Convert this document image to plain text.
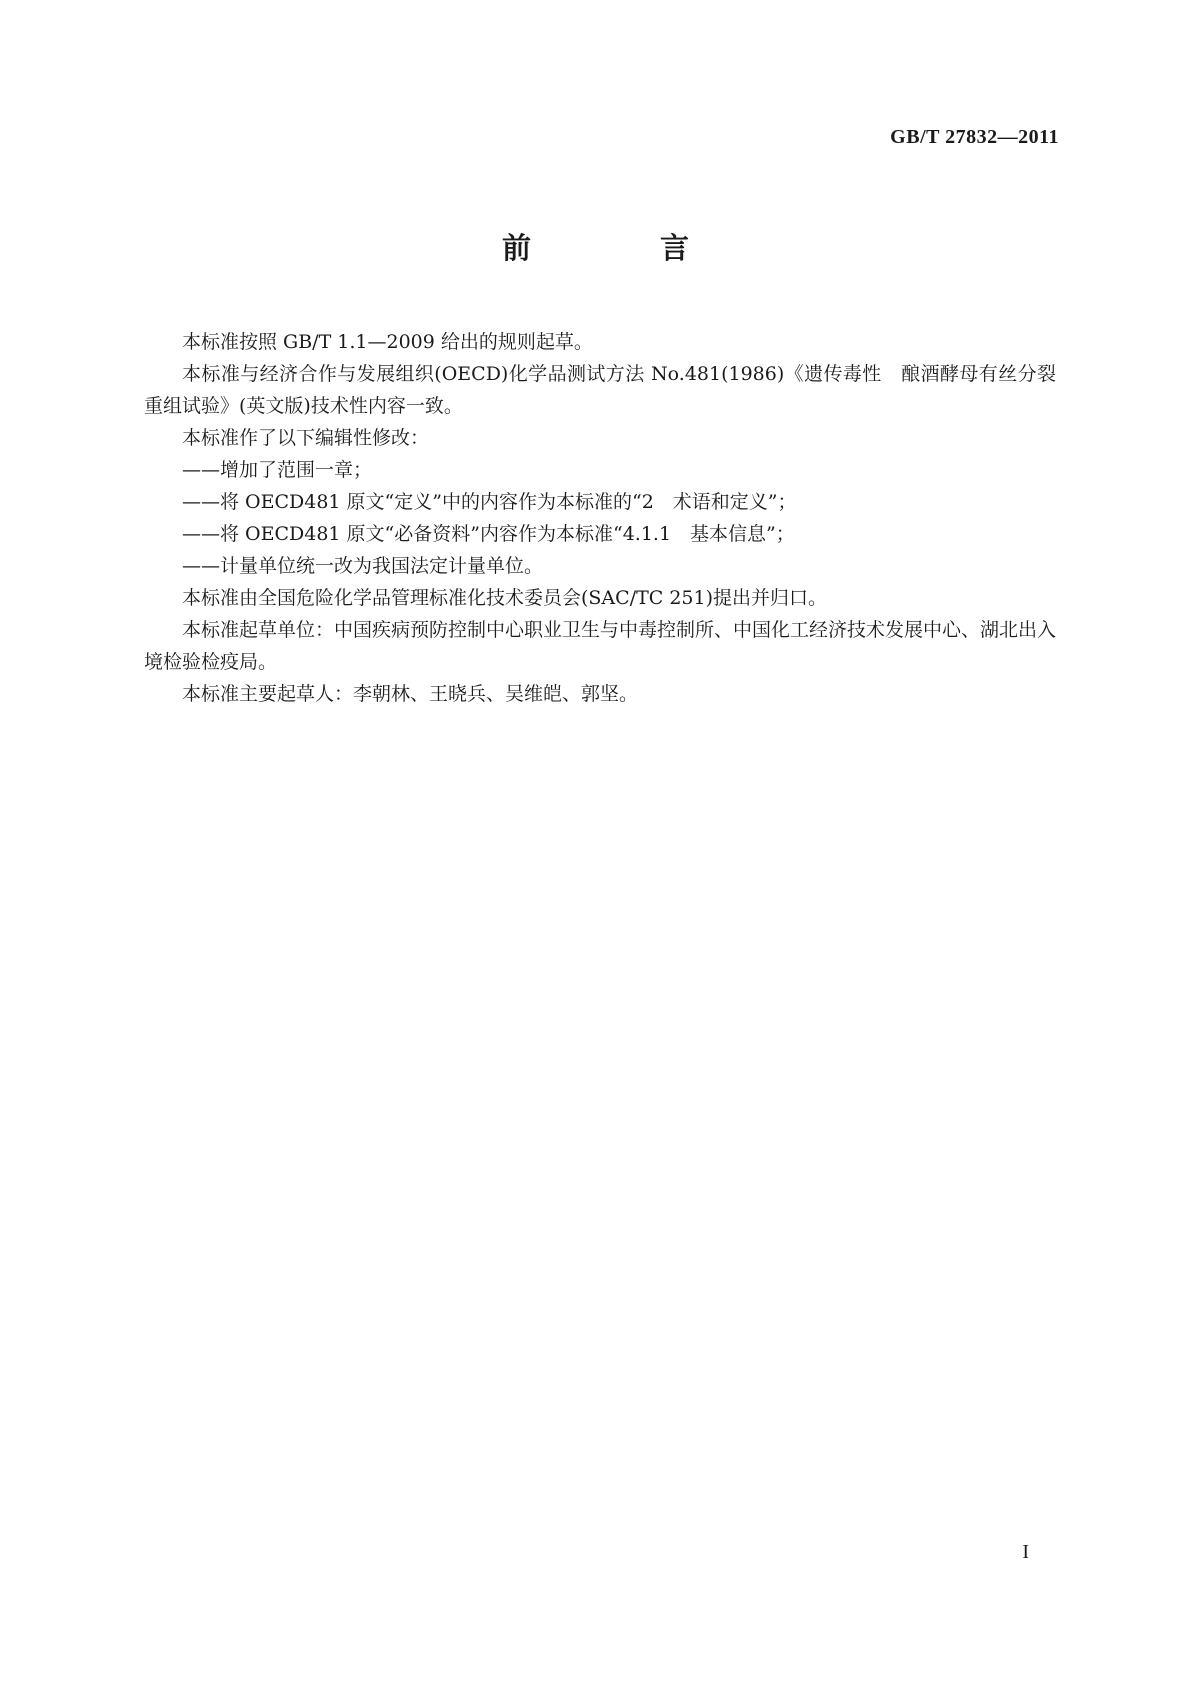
GB/T 27832—2011
前　言

本标准按照 GB/T 1.1—2009 给出的规则起草。

本标准与经济合作与发展组织(OECD)化学品测试方法 No.481(1986)《遗传毒性　酿酒酵母有丝分裂重组试验》(英文版)技术性内容一致。

本标准作了以下编辑性修改：

——增加了范围一章；

——将 OECD481 原文“定义”中的内容作为本标准的“2　术语和定义”；

——将 OECD481 原文“必备资料”内容作为本标准“4.1.1　基本信息”；

——计量单位统一改为我国法定计量单位。

本标准由全国危险化学品管理标准化技术委员会(SAC/TC 251)提出并归口。

本标准起草单位：中国疾病预防控制中心职业卫生与中毒控制所、中国化工经济技术发展中心、湖北出入境检验检疫局。

本标准主要起草人：李朝林、王晓兵、吴维皑、郭坚。

I
